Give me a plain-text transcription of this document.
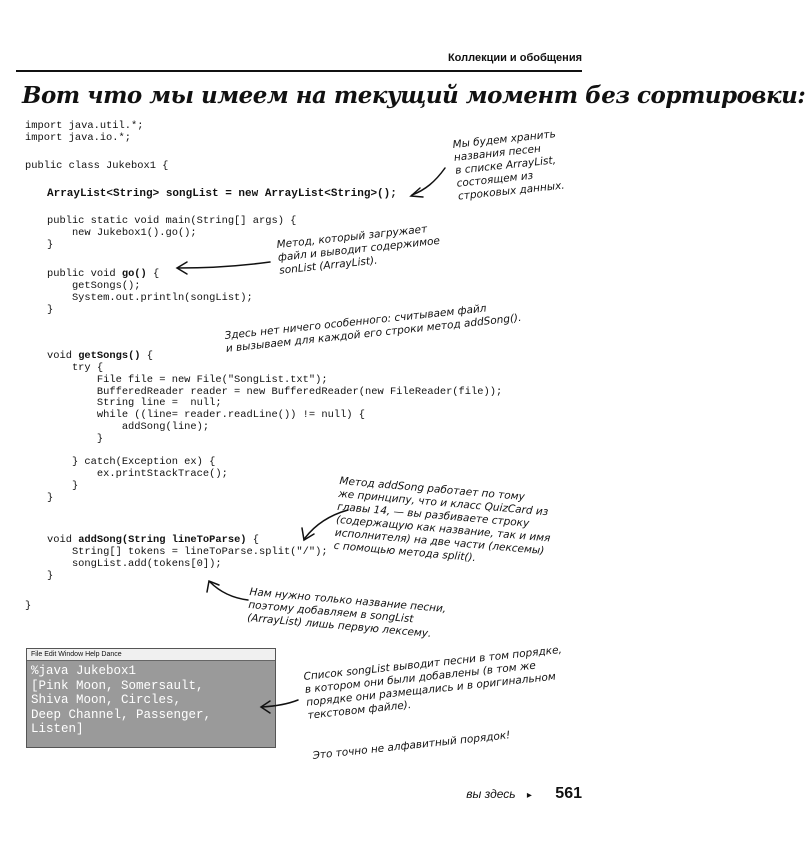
Коллекции и обобщения
Вот что мы имеем на текущий момент без сортировки:
import java.util.*;
import java.io.*;
public class Jukebox1 {
ArrayList<String> songList = new ArrayList<String>();
public static void main(String[] args) {
new Jukebox1().go();
}
public void go() {
getSongs();
System.out.println(songList);
}
void getSongs() {
try {
File file = new File("SongList.txt");
BufferedReader reader = new BufferedReader(new FileReader(file));
String line =  null;
while ((line= reader.readLine()) != null) {
addSong(line);
}

} catch(Exception ex) {
ex.printStackTrace();
}
}
void addSong(String lineToParse) {
String[] tokens = lineToParse.split("/");
songList.add(tokens[0]);
}
}
Мы будем хранить
названия песен
в списке ArrayList,
состоящем из
строковых данных.
Метод, который загружает
файл и выводит содержимое
sonList (ArrayList).
Здесь нет ничего особенного: считываем файл
и вызываем для каждой его строки метод addSong().
Метод addSong работает по тому
же принципу, что и класс QuizCard из
главы 14, — вы разбиваете строку
(содержащую как название, так и имя
исполнителя) на две части (лексемы)
с помощью метода split().
Нам нужно только название песни,
поэтому добавляем в songList
(ArrayList) лишь первую лексему.
Список songList выводит песни в том порядке,
в котором они были добавлены (в том же
порядке они размещались и в оригинальном
текстовом файле).
Это точно не алфавитный порядок!
File Edit Window Help Dance
%java Jukebox1
[Pink Moon, Somersault,
Shiva Moon, Circles,
Deep Channel, Passenger,
Listen]
вы здесь ▸ 561
